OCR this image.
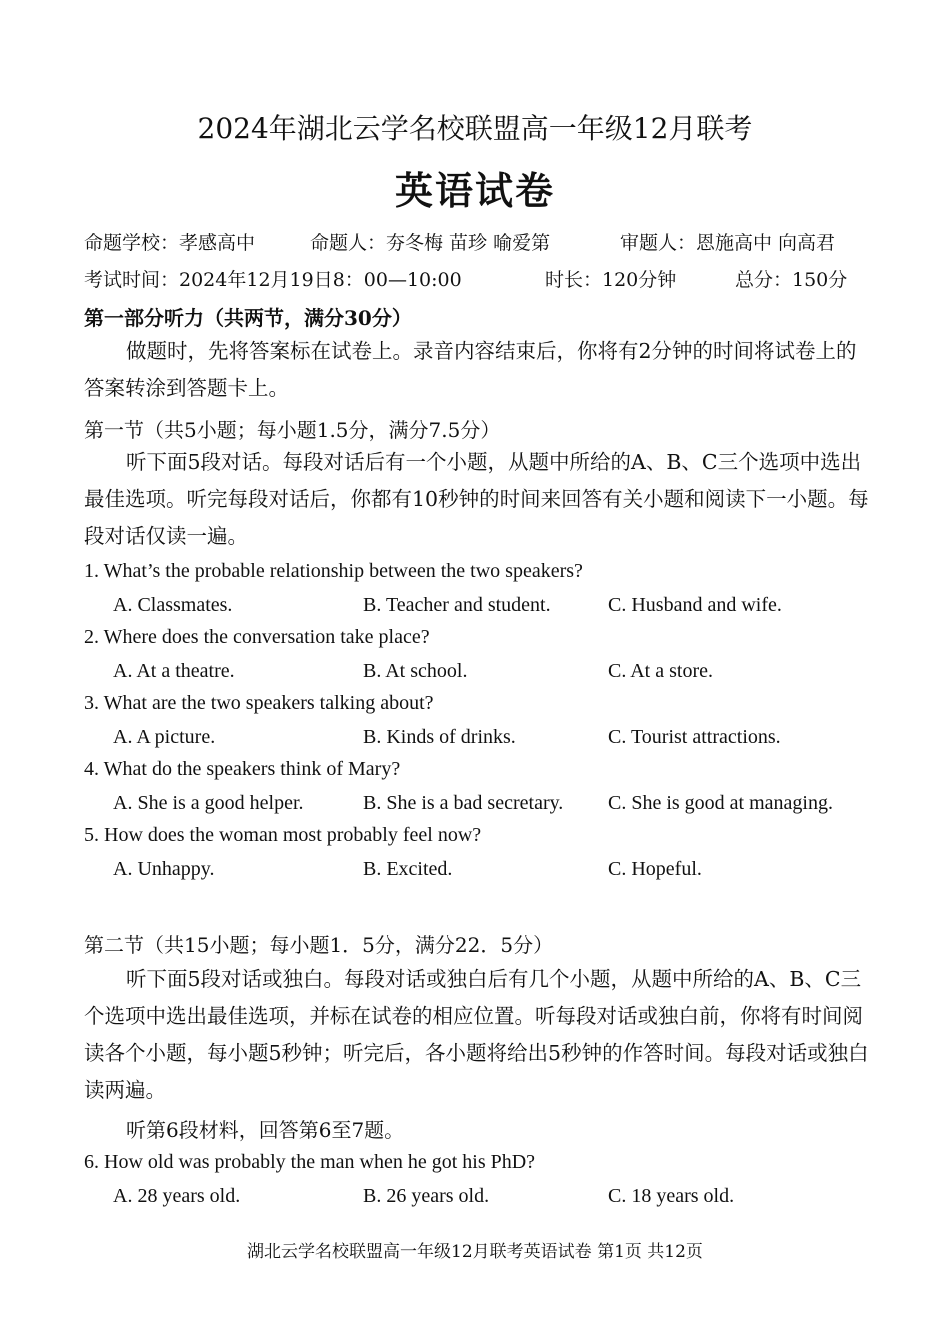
2024年湖北云学名校联盟高一年级12月联考
英语试卷
命题学校：孝感高中	命题人：夯冬梅 苗珍 喻爱第	审题人：恩施高中 向高君
考试时间：2024年12月19日8：00—10:00	时长：120分钟	总分：150分
第一部分听力（共两节，满分30分）
做题时，先将答案标在试卷上。录音内容结束后，你将有2分钟的时间将试卷上的答案转涂到答题卡上。
第一节（共5小题；每小题1.5分，满分7.5分）
听下面5段对话。每段对话后有一个小题，从题中所给的A、B、C三个选项中选出最佳选项。听完每段对话后，你都有10秒钟的时间来回答有关小题和阅读下一小题。每段对话仅读一遍。
1. What’s the probable relationship between the two speakers?
A. Classmates.	B. Teacher and student.	C. Husband and wife.
2. Where does the conversation take place?
A. At a theatre.	B. At school.	C. At a store.
3. What are the two speakers talking about?
A. A picture.	B. Kinds of drinks.	C. Tourist attractions.
4. What do the speakers think of Mary?
A. She is a good helper.	B. She is a bad secretary. C. She is good at managing.
5. How does the woman most probably feel now?
A. Unhappy.	B. Excited.	C. Hopeful.
第二节（共15小题；每小题1．5分，满分22．5分）
听下面5段对话或独白。每段对话或独白后有几个小题，从题中所给的A、B、C三个选项中选出最佳选项，并标在试卷的相应位置。听每段对话或独白前，你将有时间阅读各个小题，每小题5秒钟；听完后，各小题将给出5秒钟的作答时间。每段对话或独白读两遍。
听第6段材料，回答第6至7题。
6. How old was probably the man when he got his PhD?
A. 28 years old.	B. 26 years old.	C. 18 years old.
湖北云学名校联盟高一年级12月联考英语试卷 第1页 共12页
